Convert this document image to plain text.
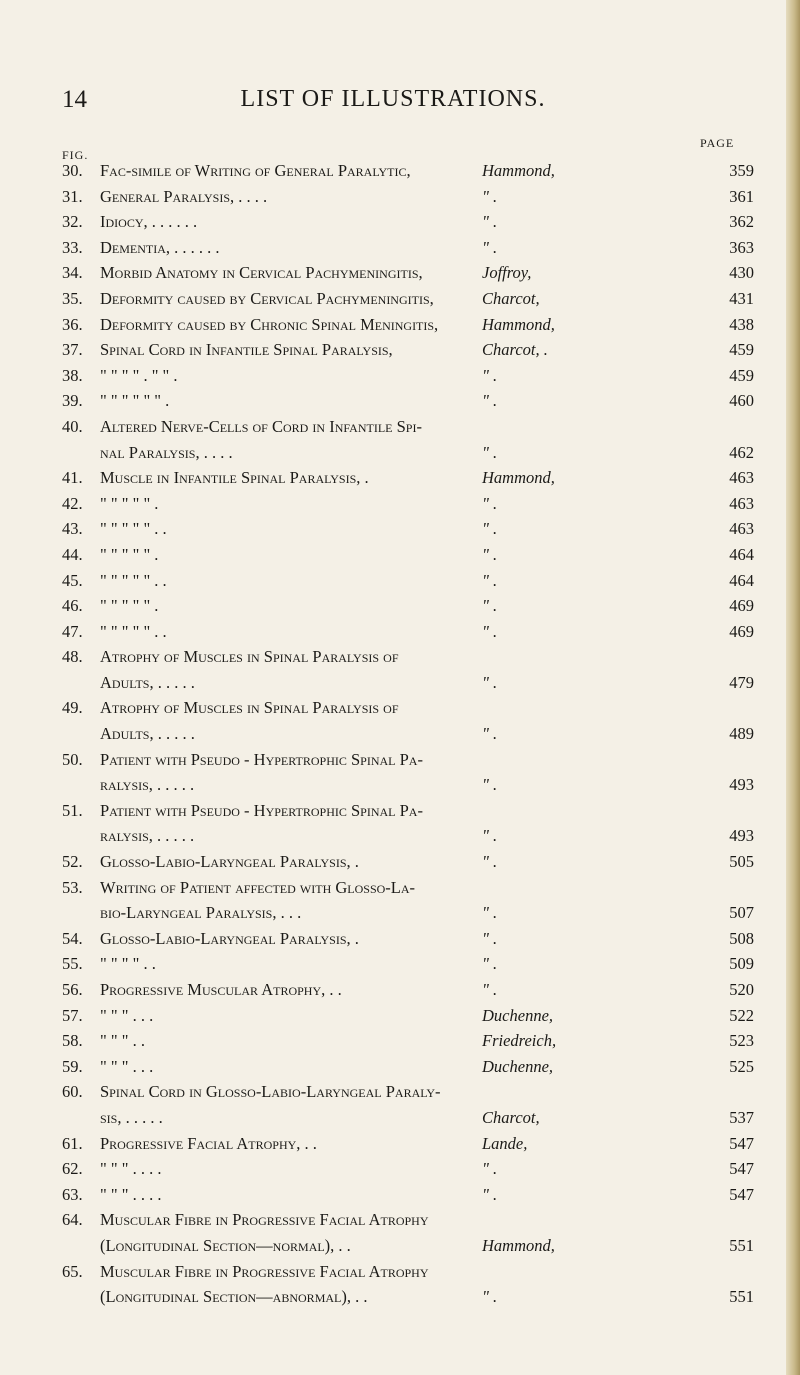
LIST OF ILLUSTRATIONS.
14
FIG.
PAGE
30. Fac-simile of Writing of General Paralytic,	Hammond,	359
31. General Paralysis, . . . .	" .	361
32. Idiocy, . . . . . .	" .	362
33. Dementia, . . . . . .	" .	363
34. Morbid Anatomy in Cervical Pachymeningitis,	Joffroy,	430
35. Deformity caused by Cervical Pachymeningitis,	Charcot,	431
36. Deformity caused by Chronic Spinal Meningitis,	Hammond,	438
37. Spinal Cord in Infantile Spinal Paralysis,	Charcot, .	459
38. " " " " . " " .	" .	459
39. " " " " " " .	" .	460
40. Altered Nerve-Cells of Cord in Infantile Spi-
nal Paralysis, . . . .	" .	462
41. Muscle in Infantile Spinal Paralysis, .	Hammond,	463
42. " " " " " .	" .	463
43. " " " " " . .	" .	463
44. " " " " " .	" .	464
45. " " " " " . .	" .	464
46. " " " " " .	" .	469
47. " " " " " . .	" .	469
48. Atrophy of Muscles in Spinal Paralysis of
Adults, . . . . .	" .	479
49. Atrophy of Muscles in Spinal Paralysis of
Adults, . . . . .	" .	489
50. Patient with Pseudo - Hypertrophic Spinal Pa-
ralysis, . . . . .	" .	493
51. Patient with Pseudo - Hypertrophic Spinal Pa-
ralysis, . . . . .	" .	493
52. Glosso-Labio-Laryngeal Paralysis, .	" .	505
53. Writing of Patient affected with Glosso-La-
bio-Laryngeal Paralysis, . . .	" .	507
54. Glosso-Labio-Laryngeal Paralysis, .	" .	508
55. " " " " . .	" .	509
56. Progressive Muscular Atrophy, . .	" .	520
57. " " " . . .	Duchenne,	522
58. " " " . .	Friedreich,	523
59. " " " . . .	Duchenne,	525
60. Spinal Cord in Glosso-Labio-Laryngeal Paraly-
sis, . . . . .	Charcot,	537
61. Progressive Facial Atrophy, . .	Lande,	547
62. " " " . . . .	" .	547
63. " " " . . . .	" .	547
64. Muscular Fibre in Progressive Facial Atrophy
(Longitudinal Section—normal), . .	Hammond,	551
65. Muscular Fibre in Progressive Facial Atrophy
(Longitudinal Section—abnormal), . .	" .	551
